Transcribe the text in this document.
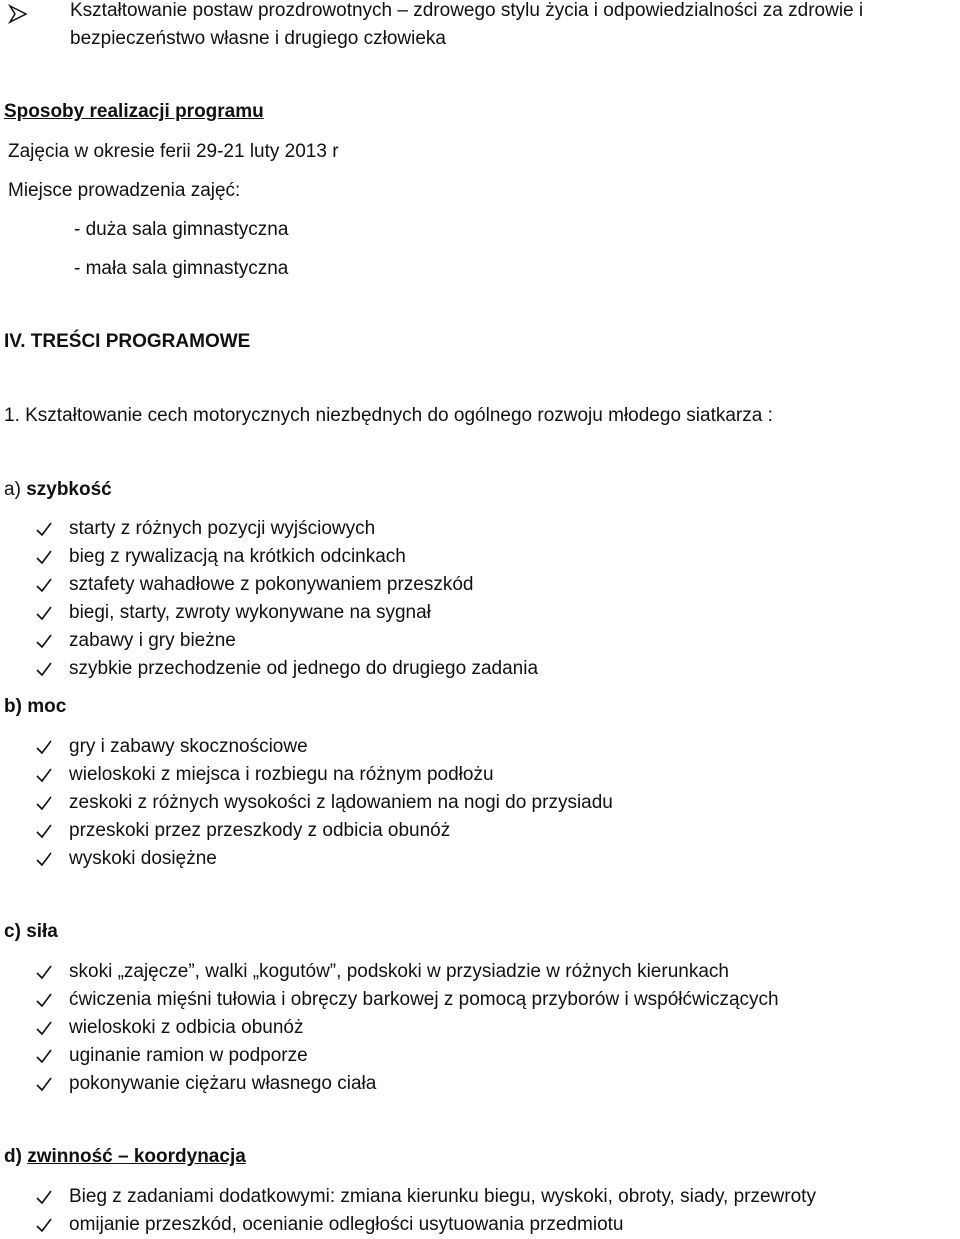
Kształtowanie postaw prozdrowotnych – zdrowego stylu życia i odpowiedzialności za zdrowie i
bezpieczeństwo własne i drugiego człowieka
Sposoby realizacji programu
Zajęcia w okresie ferii 29-21 luty 2013 r
Miejsce prowadzenia zajęć:
- duża sala gimnastyczna
- mała sala gimnastyczna
IV. TREŚCI PROGRAMOWE
1. Kształtowanie cech motorycznych niezbędnych do ogólnego rozwoju młodego siatkarza :
a) szybkość
starty z różnych pozycji wyjściowych
bieg z rywalizacją na krótkich odcinkach
sztafety wahadłowe z pokonywaniem przeszkód
biegi, starty, zwroty wykonywane na sygnał
zabawy i gry bieżne
szybkie przechodzenie od jednego do drugiego zadania
b) moc
gry i zabawy skocznościowe
wieloskoki z miejsca i rozbiegu na różnym podłożu
zeskoki z różnych wysokości z lądowaniem na nogi do przysiadu
przeskoki przez przeszkody z odbicia obunóż
wyskoki dosiężne
c) siła
skoki „zajęcze”, walki „kogutów”, podskoki w przysiadzie w różnych kierunkach
ćwiczenia mięśni tułowia i obręczy barkowej z pomocą przyborów i współćwiczących
wieloskoki z odbicia obunóż
uginanie ramion w podporze
pokonywanie ciężaru własnego ciała
d) zwinność – koordynacja
Bieg z zadaniami dodatkowymi: zmiana kierunku biegu, wyskoki, obroty, siady, przewroty
omijanie przeszkód, ocenianie odległości usytuowania przedmiotu
